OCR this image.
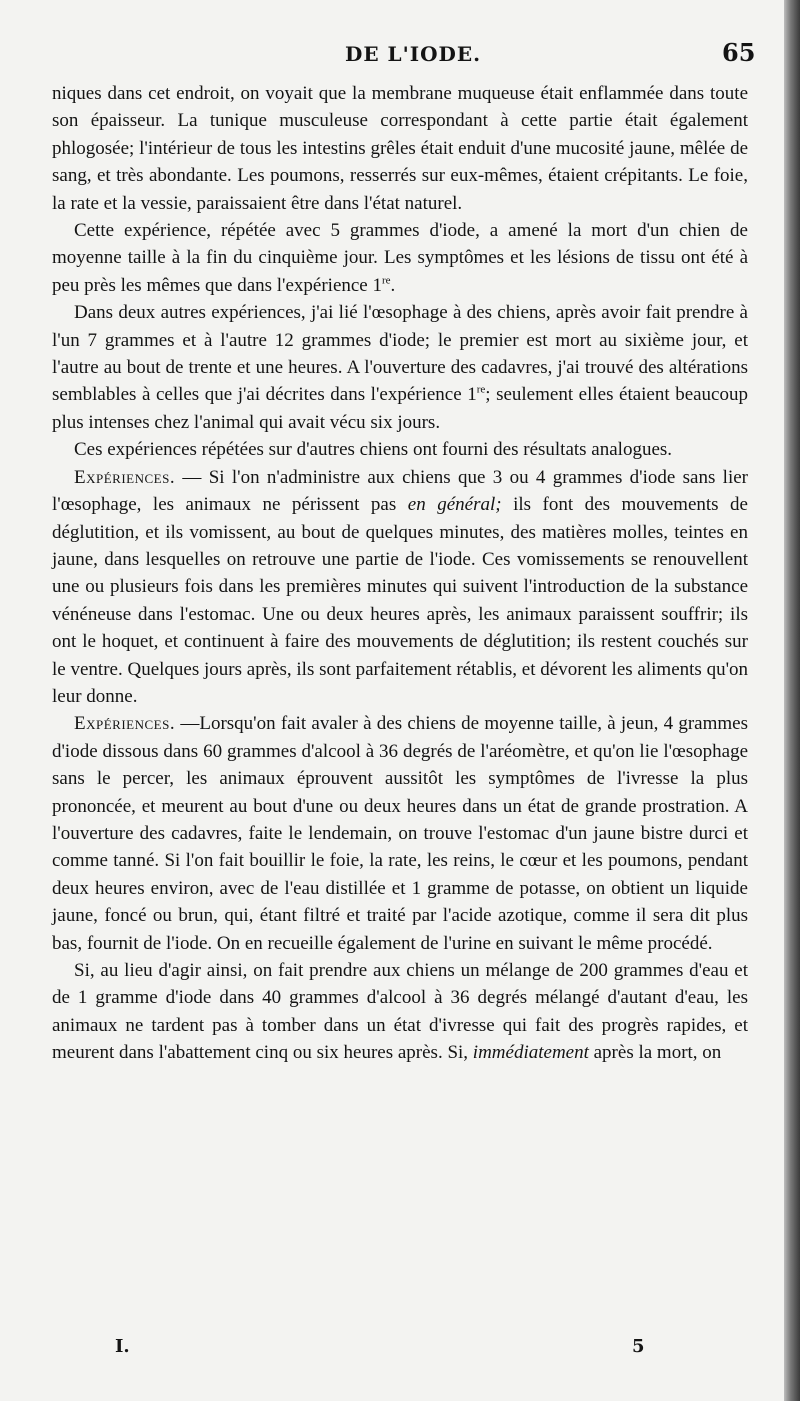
DE L'IODE.	65

niques dans cet endroit, on voyait que la membrane muqueuse était enflammée dans toute son épaisseur. La tunique musculeuse correspondant à cette partie était également phlogosée; l'intérieur de tous les intestins grêles était enduit d'une mucosité jaune, mêlée de sang, et très abondante. Les poumons, resserrés sur eux-mêmes, étaient crépitants. Le foie, la rate et la vessie, paraissaient être dans l'état naturel.

Cette expérience, répétée avec 5 grammes d'iode, a amené la mort d'un chien de moyenne taille à la fin du cinquième jour. Les symptômes et les lésions de tissu ont été à peu près les mêmes que dans l'expérience 1re.

Dans deux autres expériences, j'ai lié l'œsophage à des chiens, après avoir fait prendre à l'un 7 grammes et à l'autre 12 grammes d'iode; le premier est mort au sixième jour, et l'autre au bout de trente et une heures. A l'ouverture des cadavres, j'ai trouvé des altérations semblables à celles que j'ai décrites dans l'expérience 1re; seulement elles étaient beaucoup plus intenses chez l'animal qui avait vécu six jours.

Ces expériences répétées sur d'autres chiens ont fourni des résultats analogues.

Expériences. — Si l'on n'administre aux chiens que 3 ou 4 grammes d'iode sans lier l'œsophage, les animaux ne périssent pas en général; ils font des mouvements de déglutition, et ils vomissent, au bout de quelques minutes, des matières molles, teintes en jaune, dans lesquelles on retrouve une partie de l'iode. Ces vomissements se renouvellent une ou plusieurs fois dans les premières minutes qui suivent l'introduction de la substance vénéneuse dans l'estomac. Une ou deux heures après, les animaux paraissent souffrir; ils ont le hoquet, et continuent à faire des mouvements de déglutition; ils restent couchés sur le ventre. Quelques jours après, ils sont parfaitement rétablis, et dévorent les aliments qu'on leur donne.

Expériences. —Lorsqu'on fait avaler à des chiens de moyenne taille, à jeun, 4 grammes d'iode dissous dans 60 grammes d'alcool à 36 degrés de l'aréomètre, et qu'on lie l'œsophage sans le percer, les animaux éprouvent aussitôt les symptômes de l'ivresse la plus prononcée, et meurent au bout d'une ou deux heures dans un état de grande prostration. A l'ouverture des cadavres, faite le lendemain, on trouve l'estomac d'un jaune bistre durci et comme tanné. Si l'on fait bouillir le foie, la rate, les reins, le cœur et les poumons, pendant deux heures environ, avec de l'eau distillée et 1 gramme de potasse, on obtient un liquide jaune, foncé ou brun, qui, étant filtré et traité par l'acide azotique, comme il sera dit plus bas, fournit de l'iode. On en recueille également de l'urine en suivant le même procédé.

Si, au lieu d'agir ainsi, on fait prendre aux chiens un mélange de 200 grammes d'eau et de 1 gramme d'iode dans 40 grammes d'alcool à 36 degrés mélangé d'autant d'eau, les animaux ne tardent pas à tomber dans un état d'ivresse qui fait des progrès rapides, et meurent dans l'abattement cinq ou six heures après. Si, immédiatement après la mort, on

I.	5
